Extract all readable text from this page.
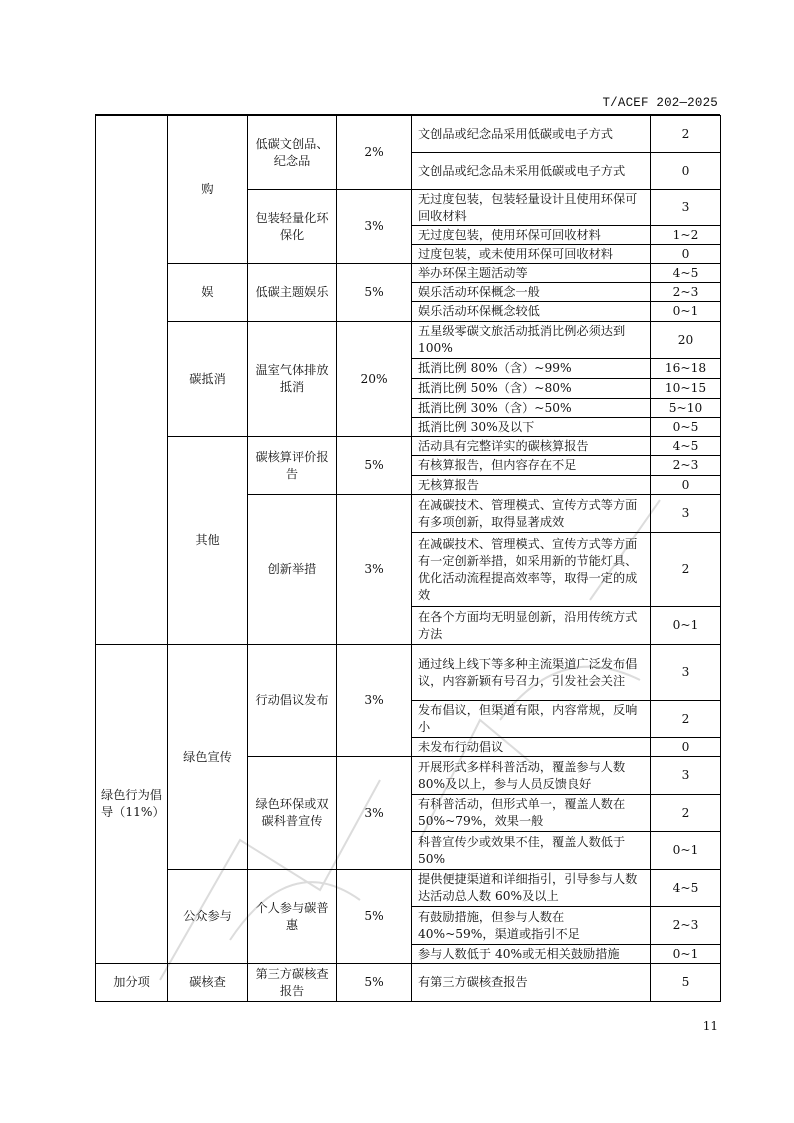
T/ACEF 202—2025
	购	低碳文创品、纪念品	2%	文创品或纪念品采用低碳或电子方式	2
				文创品或纪念品未采用低碳或电子方式	0
		包装轻量化环保化	3%	无过度包装，包装轻量设计且使用环保可回收材料	3
				无过度包装，使用环保可回收材料	1~2
				过度包装，或未使用环保可回收材料	0
	娱	低碳主题娱乐	5%	举办环保主题活动等	4~5
				娱乐活动环保概念一般	2~3
				娱乐活动环保概念较低	0~1
	碳抵消	温室气体排放抵消	20%	五星级零碳文旅活动抵消比例必须达到 100%	20
				抵消比例 80%（含）~99%	16~18
				抵消比例 50%（含）~80%	10~15
				抵消比例 30%（含）~50%	5~10
				抵消比例 30%及以下	0~5
	其他	碳核算评价报告	5%	活动具有完整详实的碳核算报告	4~5
				有核算报告，但内容存在不足	2~3
				无核算报告	0
		创新举措	3%	在减碳技术、管理模式、宣传方式等方面有多项创新，取得显著成效	3
				在减碳技术、管理模式、宣传方式等方面有一定创新举措，如采用新的节能灯具、优化活动流程提高效率等，取得一定的成效	2
				在各个方面均无明显创新，沿用传统方式方法	0~1
绿色行为倡导（11%）	绿色宣传	行动倡议发布	3%	通过线上线下等多种主流渠道广泛发布倡议，内容新颖有号召力，引发社会关注	3
				发布倡议，但渠道有限，内容常规，反响小	2
				未发布行动倡议	0
		绿色环保或双碳科普宣传	3%	开展形式多样科普活动，覆盖参与人数 80%及以上，参与人员反馈良好	3
				有科普活动，但形式单一，覆盖人数在 50%~79%，效果一般	2
				科普宣传少或效果不佳，覆盖人数低于 50%	0~1
	公众参与	个人参与碳普惠	5%	提供便捷渠道和详细指引，引导参与人数达活动总人数 60%及以上	4~5
				有鼓励措施，但参与人数在 40%~59%，渠道或指引不足	2~3
				参与人数低于 40%或无相关鼓励措施	0~1
加分项	碳核查	第三方碳核查报告	5%	有第三方碳核查报告	5
11
